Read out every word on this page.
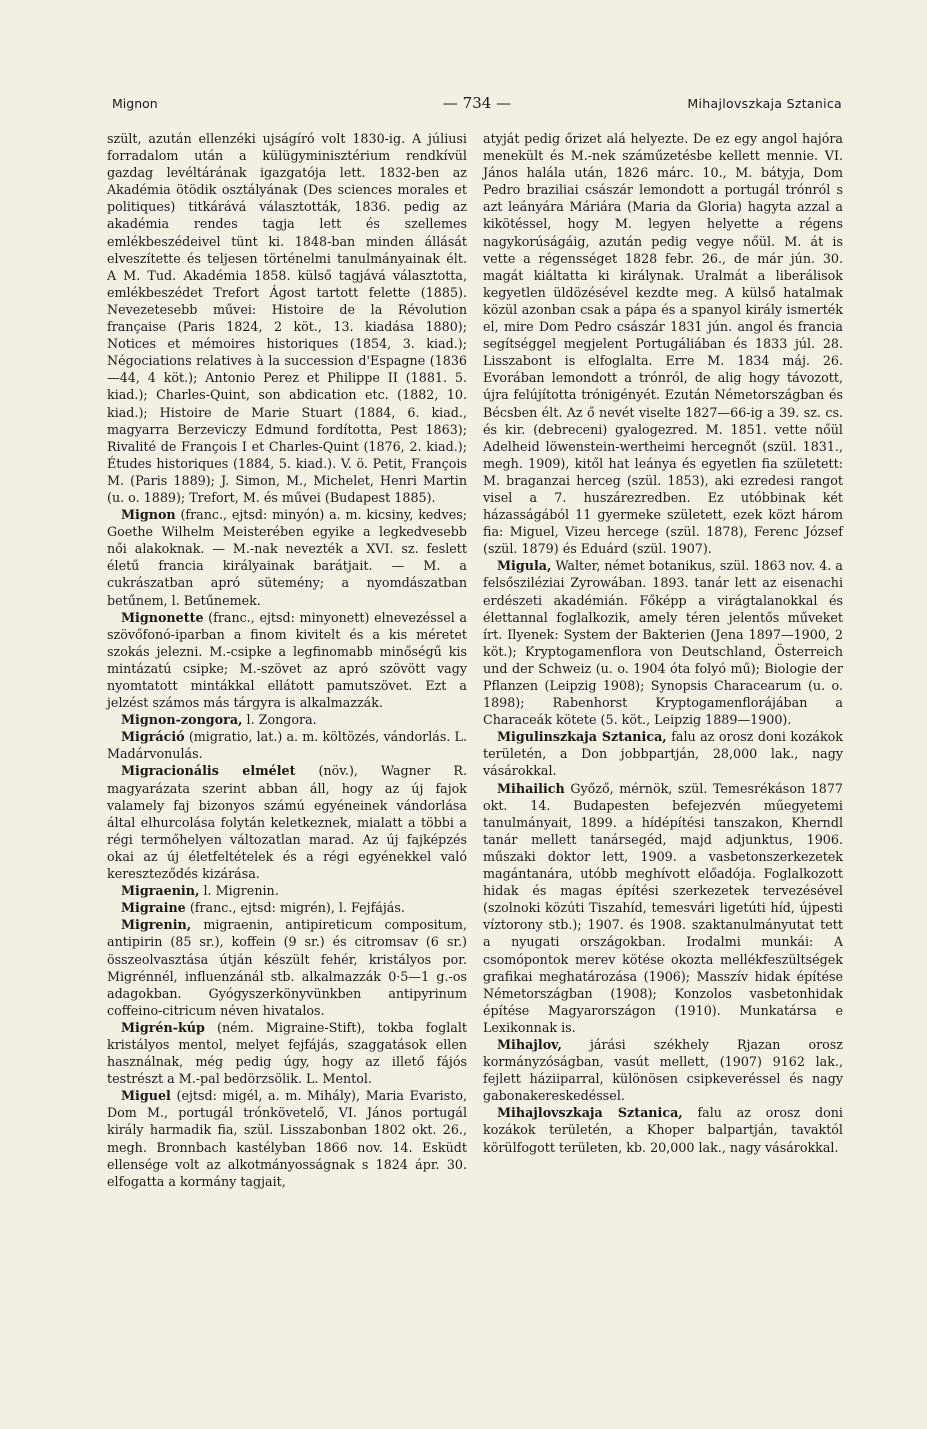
Mignon	— 734 —	Mihajlovszkaja Sztanica

szült, azután ellenzéki ujságíró volt 1830-ig. A júliusi forradalom után a külügyminisztérium rendkívül gazdag levéltárának igazgatója lett. 1832-ben az Akadémia ötödik osztályának (Des sciences morales et politiques) titkárává választották, 1836. pedig az akadémia rendes tagja lett és szellemes emlékbeszédeivel tünt ki. 1848-ban minden állását elveszítette és teljesen történelmi tanulmányainak élt. A M. Tud. Akadémia 1858. külső tagjává választotta, emlékbeszédet Trefort Ágost tartott felette (1885). Nevezetesebb művei: Histoire de la Révolution française (Paris 1824, 2 köt., 13. kiadása 1880); Notices et mémoires historiques (1854, 3. kiad.); Négociations relatives à la succession d'Espagne (1836—44, 4 köt.); Antonio Perez et Philippe II (1881. 5. kiad.); Charles-Quint, son abdication etc. (1882, 10. kiad.); Histoire de Marie Stuart (1884, 6. kiad., magyarra Berzeviczy Edmund fordította, Pest 1863); Rivalité de François I et Charles-Quint (1876, 2. kiad.); Études historiques (1884, 5. kiad.). V. ö. Petit, François M. (Paris 1889); J. Simon, M., Michelet, Henri Martin (u. o. 1889); Trefort, M. és művei (Budapest 1885).

Mignon (franc., ejtsd: minyón) a. m. kicsiny, kedves; Goethe Wilhelm Meisterében egyike a legkedvesebb női alakoknak. — M.-nak nevezték a XVI. sz. feslett életű francia királyainak barátjait. — M. a cukrászatban apró sütemény; a nyomdászatban betűnem, l. Betűnemek.

Mignonette (franc., ejtsd: minyonett) elnevezéssel a szövőfonó-iparban a finom kivitelt és a kis méretet szokás jelezni. M.-csipke a legfinomabb minőségű kis mintázatú csipke; M.-szövet az apró szövött vagy nyomtatott mintákkal ellátott pamutszövet. Ezt a jelzést számos más tárgyra is alkalmazzák.

Mignon-zongora, l. Zongora.

Migráció (migratio, lat.) a. m. költözés, vándorlás. L. Madárvonulás.

Migracionális elmélet (növ.), Wagner R. magyarázata szerint abban áll, hogy az új fajok valamely faj bizonyos számú egyéneinek vándorlása által elhurcolása folytán keletkeznek, mialatt a többi a régi termőhelyen változatlan marad. Az új fajképzés okai az új életfeltételek és a régi egyénekkel való kereszteződés kizárása.

Migraenin, l. Migrenin.

Migraine (franc., ejtsd: migrén), l. Fejfájás.

Migrenin, migraenin, antipireticum compositum, antipirin (85 sr.), koffein (9 sr.) és citromsav (6 sr.) összeolvasztása útján készült fehér, kristályos por. Migrénnél, influenzánál stb. alkalmazzák 0·5—1 g.-os adagokban. Gyógyszerkönyvünkben antipyrinum coffeino-citricum néven hivatalos.

Migrén-kúp (ném. Migraine-Stift), tokba foglalt kristályos mentol, melyet fejfájás, szaggatások ellen használnak, még pedig úgy, hogy az illető fájós testrészt a M.-pal bedörzsölik. L. Mentol.

Miguel (ejtsd: migél, a. m. Mihály), Maria Evaristo, Dom M., portugál trónkövetelő, VI. János portugál király harmadik fia, szül. Lisszabonban 1802 okt. 26., megh. Bronnbach kastélyban 1866 nov. 14. Esküdt ellensége volt az alkotmányosságnak s 1824 ápr. 30. elfogatta a kormány tagjait,

atyját pedig őrizet alá helyezte. De ez egy angol hajóra menekült és M.-nek száműzetésbe kellett mennie. VI. János halála után, 1826 márc. 10., M. bátyja, Dom Pedro braziliai császár lemondott a portugál trónról s azt leányára Máriára (Maria da Gloria) hagyta azzal a kikötéssel, hogy M. legyen helyette a régens nagykorúságáig, azután pedig vegye nőül. M. át is vette a régensséget 1828 febr. 26., de már jún. 30. magát kiáltatta ki királynak. Uralmát a liberálisok kegyetlen üldözésével kezdte meg. A külső hatalmak közül azonban csak a pápa és a spanyol király ismerték el, mire Dom Pedro császár 1831 jún. angol és francia segítséggel megjelent Portugáliában és 1833 júl. 28. Lisszabont is elfoglalta. Erre M. 1834 máj. 26. Evorában lemondott a trónról, de alig hogy távozott, újra felújította trónigényét. Ezután Németországban és Bécsben élt. Az ő nevét viselte 1827—66-ig a 39. sz. cs. és kir. (debreceni) gyalogezred. M. 1851. vette nőül Adelheid löwenstein-wertheimi hercegnőt (szül. 1831., megh. 1909), kitől hat leánya és egyetlen fia született: M. braganzai herceg (szül. 1853), aki ezredesi rangot visel a 7. huszárezredben. Ez utóbbinak két házasságából 11 gyermeke született, ezek közt három fia: Miguel, Vizeu hercege (szül. 1878), Ferenc József (szül. 1879) és Eduárd (szül. 1907).

Migula, Walter, német botanikus, szül. 1863 nov. 4. a felsősziléziai Zyrowában. 1893. tanár lett az eisenachi erdészeti akadémián. Főképp a virágtalanokkal és élettannal foglalkozik, amely téren jelentős műveket írt. Ilyenek: System der Bakterien (Jena 1897—1900, 2 köt.); Kryptogamenflora von Deutschland, Österreich und der Schweiz (u. o. 1904 óta folyó mű); Biologie der Pflanzen (Leipzig 1908); Synopsis Characearum (u. o. 1898); Rabenhorst Kryptogamenflorájában a Characeák kötete (5. köt., Leipzig 1889—1900).

Migulinszkaja Sztanica, falu az orosz doni kozákok területén, a Don jobbpartján, 28,000 lak., nagy vásárokkal.

Mihailich Győző, mérnök, szül. Temesrékáson 1877 okt. 14. Budapesten befejezvén műegyetemi tanulmányait, 1899. a hídépítési tanszakon, Kherndl tanár mellett tanársegéd, majd adjunktus, 1906. műszaki doktor lett, 1909. a vasbetonszerkezetek magántanára, utóbb meghívott előadója. Foglalkozott hidak és magas építési szerkezetek tervezésével (szolnoki közúti Tiszahíd, temesvári ligetúti híd, újpesti víztorony stb.); 1907. és 1908. szaktanulmányutat tett a nyugati országokban. Irodalmi munkái: A csomópontok merev kötése okozta mellékfeszültségek grafikai meghatározása (1906); Masszív hidak építése Németországban (1908); Konzolos vasbetonhidak építése Magyarországon (1910). Munkatársa e Lexikonnak is.

Mihajlov, járási székhely Rjazan orosz kormányzóságban, vasút mellett, (1907) 9162 lak., fejlett háziiparral, különösen csipkeveréssel és nagy gabonakereskedéssel.

Mihajlovszkaja Sztanica, falu az orosz doni kozákok területén, a Khoper balpartján, tavaktól körülfogott területen, kb. 20,000 lak., nagy vásárokkal.
